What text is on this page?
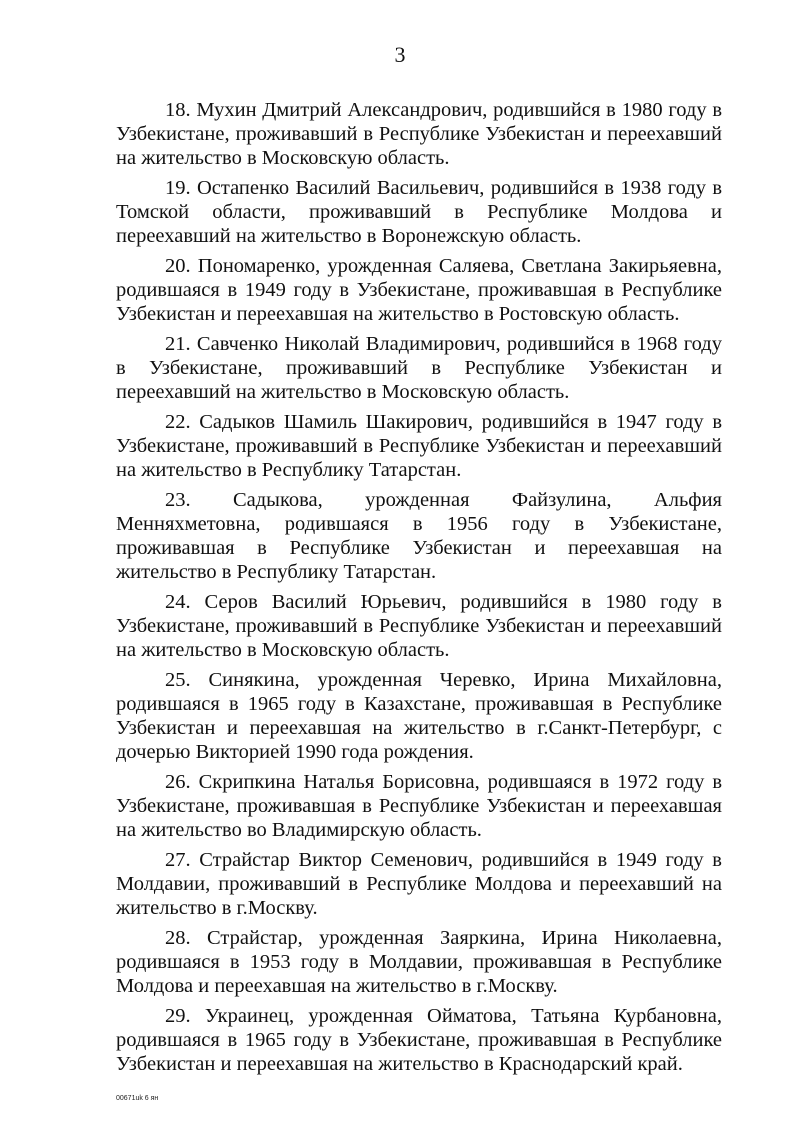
3

18. Мухин Дмитрий Александрович, родившийся в 1980 году в Узбекистане, проживавший в Республике Узбекистан и переехавший на жительство в Московскую область.

19. Остапенко Василий Васильевич, родившийся в 1938 году в Томской области, проживавший в Республике Молдова и переехавший на жительство в Воронежскую область.

20. Пономаренко, урожденная Саляева, Светлана Закирьяевна, родившаяся в 1949 году в Узбекистане, проживавшая в Республике Узбекистан и переехавшая на жительство в Ростовскую область.

21. Савченко Николай Владимирович, родившийся в 1968 году в Узбекистане, проживавший в Республике Узбекистан и переехавший на жительство в Московскую область.

22. Садыков Шамиль Шакирович, родившийся в 1947 году в Узбекистане, проживавший в Республике Узбекистан и переехавший на жительство в Республику Татарстан.

23. Садыкова, урожденная Файзулина, Альфия Менняхметовна, родившаяся в 1956 году в Узбекистане, проживавшая в Республике Узбекистан и переехавшая на жительство в Республику Татарстан.

24. Серов Василий Юрьевич, родившийся в 1980 году в Узбекистане, проживавший в Республике Узбекистан и переехавший на жительство в Московскую область.

25. Синякина, урожденная Черевко, Ирина Михайловна, родившаяся в 1965 году в Казахстане, проживавшая в Республике Узбекистан и переехавшая на жительство в г.Санкт-Петербург, с дочерью Викторией 1990 года рождения.

26. Скрипкина Наталья Борисовна, родившаяся в 1972 году в Узбекистане, проживавшая в Республике Узбекистан и переехавшая на жительство во Владимирскую область.

27. Страйстар Виктор Семенович, родившийся в 1949 году в Молдавии, проживавший в Республике Молдова и переехавший на жительство в г.Москву.

28. Страйстар, урожденная Заяркина, Ирина Николаевна, родившаяся в 1953 году в Молдавии, проживавшая в Республике Молдова и переехавшая на жительство в г.Москву.

29. Украинец, урожденная Ойматова, Татьяна Курбановна, родившаяся в 1965 году в Узбекистане, проживавшая в Республике Узбекистан и переехавшая на жительство в Краснодарский край.

00671uk 6 ян
